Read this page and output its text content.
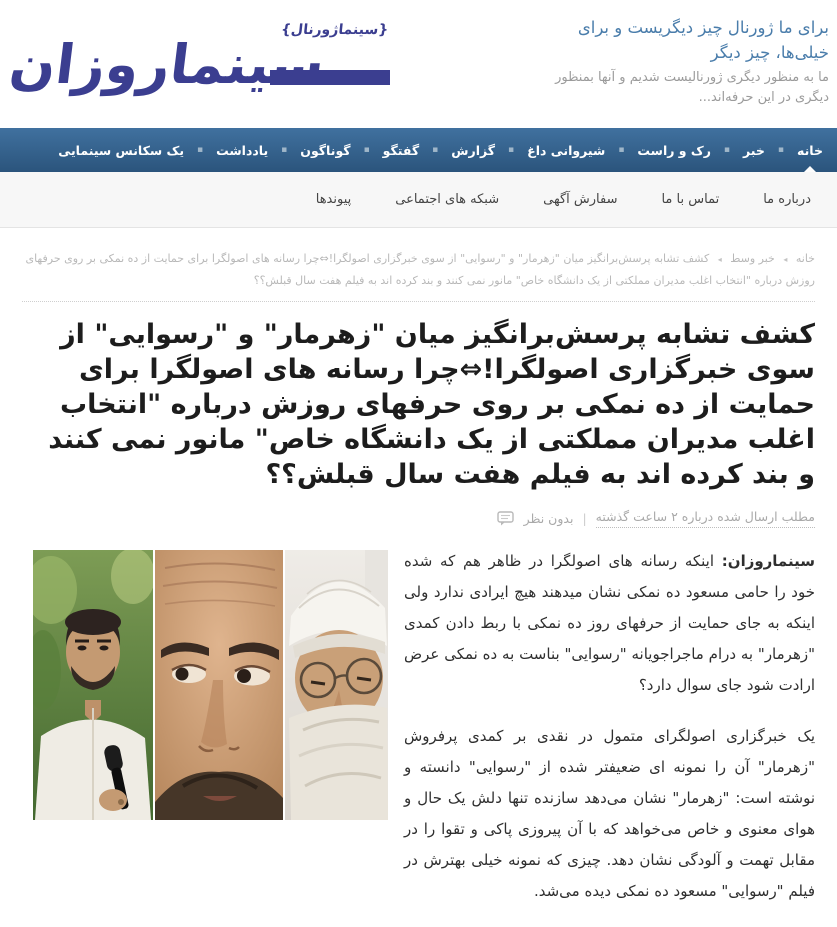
برای ما ژورنال چیز دیگریست و برای خیلی‌ها، چیز دیگر
ما به منظور دیگری ژورنالیست شدیم و آنها بمنظور دیگری در این حرفه‌اند...
{سینماژورنال}
سینماروزان
خانه
▪ خبر
▪ رک و راست
▪ شیروانی داغ
▪ گزارش
▪ گفتگو
▪ گوناگون
▪ یادداشت
▪ یک سکانس سینمایی
درباره ما
تماس با ما
سفارش آگهی
شبکه های اجتماعی
پیوندها
خانه ◂ خبر وسط ◂ کشف تشابه پرسش‌برانگیز میان "زهرمار" و "رسوایی" از سوی خبرگزاری اصولگرا!⇔چرا رسانه های اصولگرا برای حمایت از ده نمکی بر روی حرفهای روزش درباره "انتخاب اغلب مدیران مملکتی از یک دانشگاه خاص" مانور نمی کنند و بند کرده اند به فیلم هفت سال قبلش؟؟
کشف تشابه پرسش‌برانگیز میان "زهرمار" و "رسوایی" از سوی خبرگزاری اصولگرا!⇔چرا رسانه های اصولگرا برای حمایت از ده نمکی بر روی حرفهای روزش درباره "انتخاب اغلب مدیران مملکتی از یک دانشگاه خاص" مانور نمی کنند و بند کرده اند به فیلم هفت سال قبلش؟؟
مطلب ارسال شده درباره ۲ ساعت گذشته
|
بدون نظر

سینماروزان: اینکه رسانه های اصولگرا در ظاهر هم که شده خود را حامی مسعود ده نمکی نشان میدهند هیچ ایرادی ندارد ولی اینکه به جای حمایت از حرفهای روز ده نمکی با ربط دادن کمدی "زهرمار" به درام ماجراجویانه "رسوایی" بناست به ده نمکی عرض ارادت شود جای سوال دارد؟

یک خبرگزاری اصولگرای متمول در نقدی بر کمدی پرفروش "زهرمار" آن را نمونه ای ضعیفتر شده از "رسوایی" دانسته و نوشته است: "زهرمار" نشان می‌دهد سازنده تنها دلش یک حال و هوای معنوی و خاص می‌خواهد که با آن پیروزی پاکی و تقوا را در مقابل تهمت و آلودگی نشان دهد. چیزی که نمونه خیلی بهترش در فیلم "رسوایی" مسعود ده نمکی دیده می‌شد.
